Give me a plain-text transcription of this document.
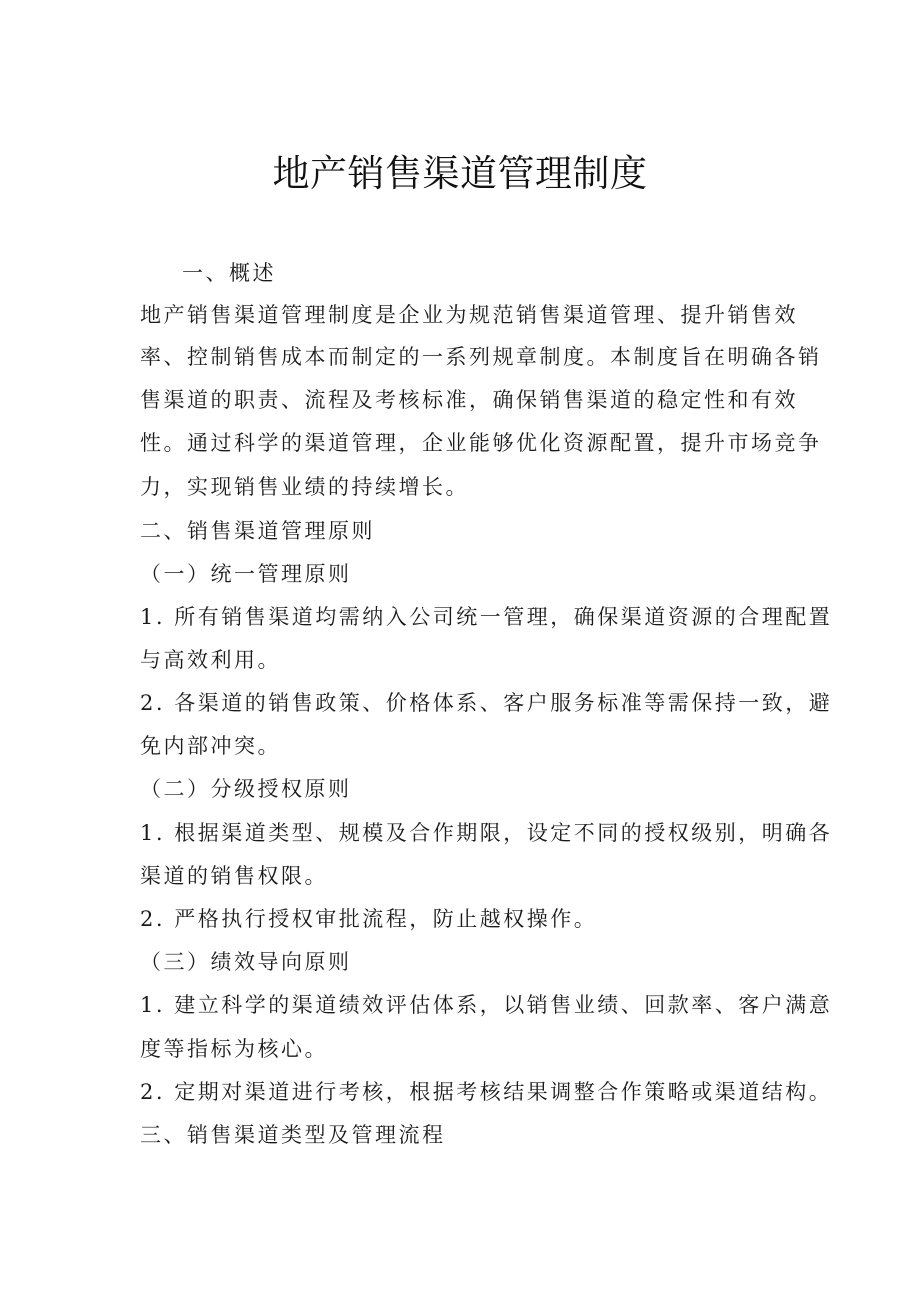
地产销售渠道管理制度
一、概述
地产销售渠道管理制度是企业为规范销售渠道管理、提升销售效
率、控制销售成本而制定的一系列规章制度。本制度旨在明确各销
售渠道的职责、流程及考核标准，确保销售渠道的稳定性和有效
性。通过科学的渠道管理，企业能够优化资源配置，提升市场竞争
力，实现销售业绩的持续增长。
二、销售渠道管理原则
（一）统一管理原则
1. 所有销售渠道均需纳入公司统一管理，确保渠道资源的合理配置
与高效利用。
2. 各渠道的销售政策、价格体系、客户服务标准等需保持一致，避
免内部冲突。
（二）分级授权原则
1. 根据渠道类型、规模及合作期限，设定不同的授权级别，明确各
渠道的销售权限。
2. 严格执行授权审批流程，防止越权操作。
（三）绩效导向原则
1. 建立科学的渠道绩效评估体系，以销售业绩、回款率、客户满意
度等指标为核心。
2. 定期对渠道进行考核，根据考核结果调整合作策略或渠道结构。
三、销售渠道类型及管理流程
